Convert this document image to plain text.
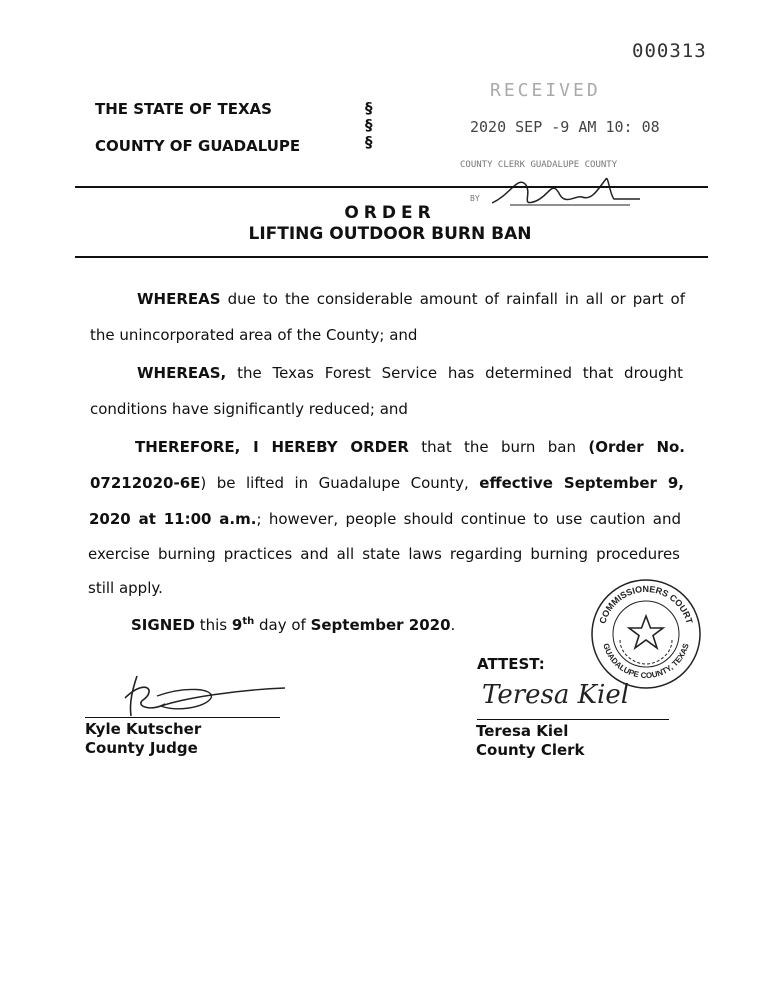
000313
THE STATE OF TEXAS
COUNTY OF GUADALUPE
§
§
§
RECEIVED
2020 SEP -9 AM 10: 08
COUNTY CLERK GUADALUPE COUNTY
BY
ORDER
LIFTING OUTDOOR BURN BAN
WHEREAS due to the considerable amount of rainfall in all or part of
the unincorporated area of the County; and
WHEREAS, the Texas Forest Service has determined that drought
conditions have significantly reduced; and
THEREFORE, I HEREBY ORDER that the burn ban (Order No.
07212020-6E) be lifted in Guadalupe County, effective September 9,
2020 at 11:00 a.m.; however, people should continue to use caution and
exercise burning practices and all state laws regarding burning procedures
still apply.
SIGNED this 9th day of September 2020.	COMMISSIONERS COURT
GUADALUPE COUNTY, TEXAS
ATTEST:
Kyle Kutscher
County Judge
Teresa Kiel
Teresa Kiel
County Clerk
